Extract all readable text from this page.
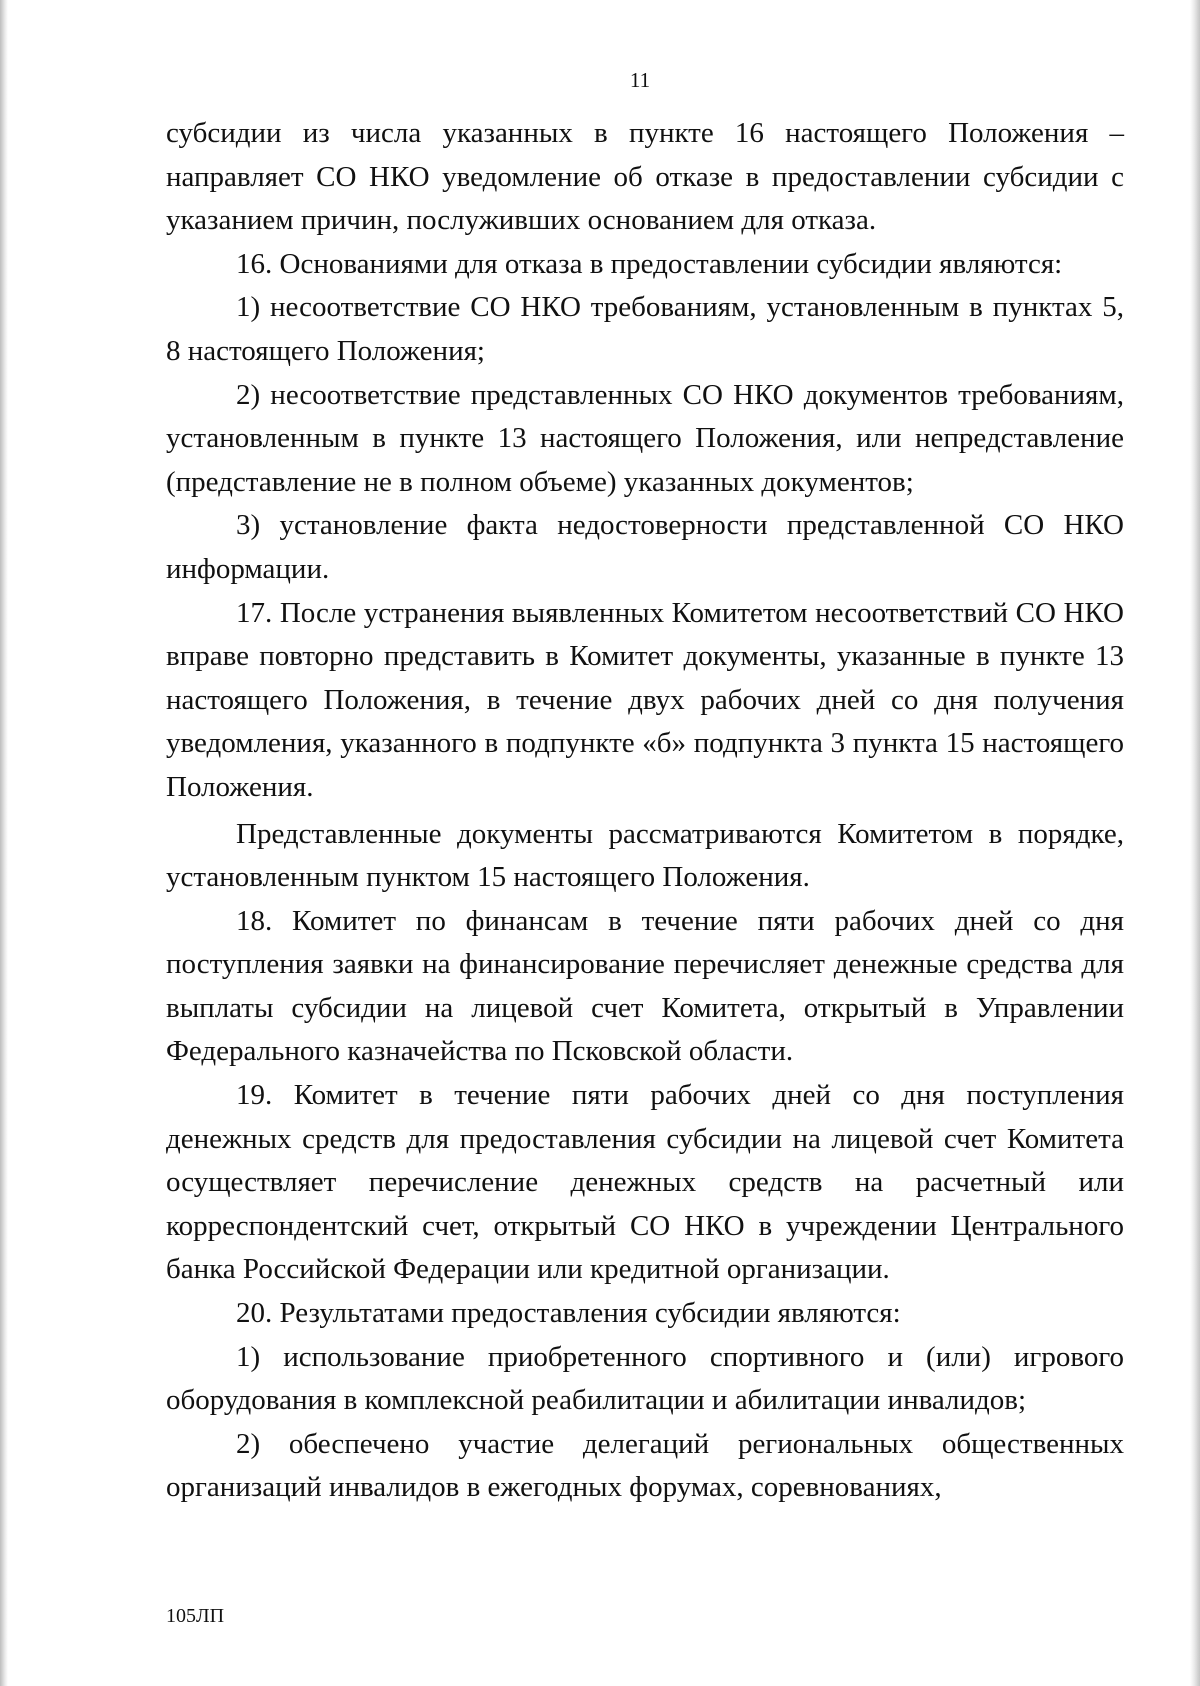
11

субсидии из числа указанных в пункте 16 настоящего Положения – направляет СО НКО уведомление об отказе в предоставлении субсидии с указанием причин, послуживших основанием для отказа.

16. Основаниями для отказа в предоставлении субсидии являются:

1) несоответствие СО НКО требованиям, установленным в пунктах 5, 8 настоящего Положения;

2) несоответствие представленных СО НКО документов требованиям, установленным в пункте 13 настоящего Положения, или непредставление (представление не в полном объеме) указанных документов;

3) установление факта недостоверности представленной СО НКО информации.

17. После устранения выявленных Комитетом несоответствий СО НКО вправе повторно представить в Комитет документы, указанные в пункте 13 настоящего Положения, в течение двух рабочих дней со дня получения уведомления, указанного в подпункте «б» подпункта 3 пункта 15 настоящего Положения.

Представленные документы рассматриваются Комитетом в порядке, установленным пунктом 15 настоящего Положения.

18. Комитет по финансам в течение пяти рабочих дней со дня поступления заявки на финансирование перечисляет денежные средства для выплаты субсидии на лицевой счет Комитета, открытый в Управлении Федерального казначейства по Псковской области.

19. Комитет в течение пяти рабочих дней со дня поступления денежных средств для предоставления субсидии на лицевой счет Комитета осуществляет перечисление денежных средств на расчетный или корреспондентский счет, открытый СО НКО в учреждении Центрального банка Российской Федерации или кредитной организации.

20. Результатами предоставления субсидии являются:

1) использование приобретенного спортивного и (или) игрового оборудования в комплексной реабилитации и абилитации инвалидов;

2) обеспечено участие делегаций региональных общественных организаций инвалидов в ежегодных форумах, соревнованиях,

105ЛП
